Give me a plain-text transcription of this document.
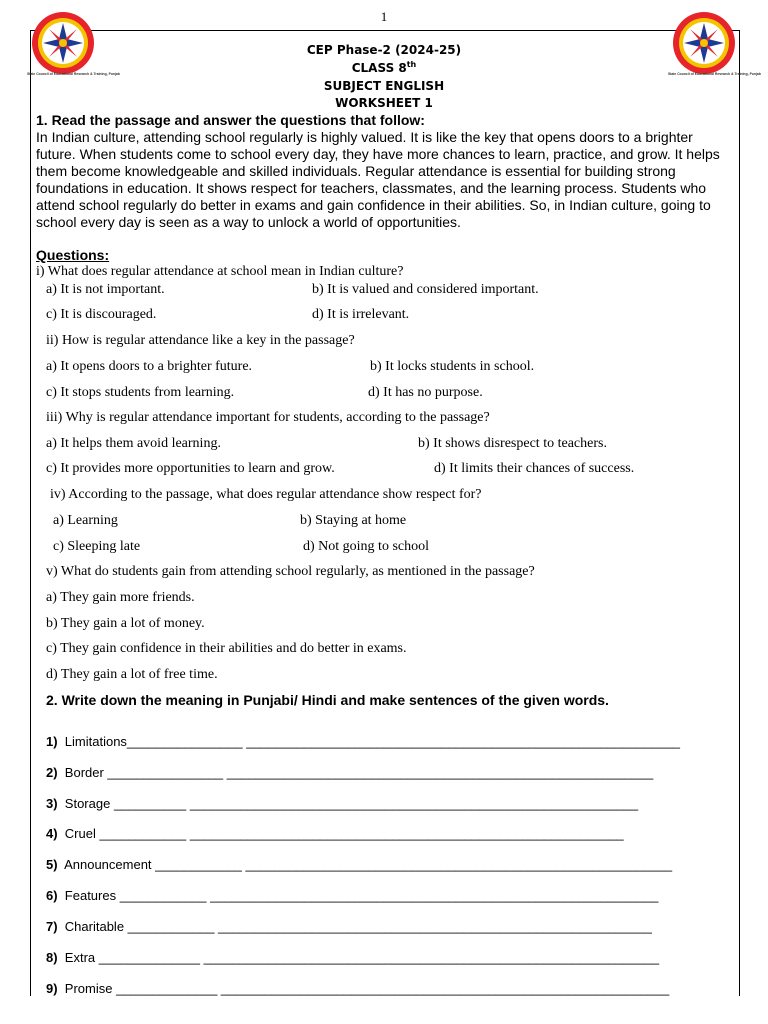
1
State Council of Educational Research & Training, Punjab	State Council of Educational Research & Training, Punjab
CEP Phase-2 (2024-25)
CLASS 8th
SUBJECT ENGLISH
WORKSHEET 1
1. Read the passage and answer the questions that follow:
In Indian culture, attending school regularly is highly valued. It is like the key that opens doors to a brighter future. When students come to school every day, they have more chances to learn, practice, and grow. It helps them become knowledgeable and skilled individuals. Regular attendance is essential for building strong foundations in education. It shows respect for teachers, classmates, and the learning process. Students who attend school regularly do better in exams and gain confidence in their abilities. So, in Indian culture, going to school every day is seen as a way to unlock a world of opportunities.
Questions:
i) What does regular attendance at school mean in Indian culture?
a) It is not important.	b) It is valued and considered important.
c) It is discouraged.	d) It is irrelevant.
ii) How is regular attendance like a key in the passage?
a) It opens doors to a brighter future.	b) It locks students in school.
c) It stops students from learning.	d) It has no purpose.
iii) Why is regular attendance important for students, according to the passage?
a) It helps them avoid learning.	b) It shows disrespect to teachers.
c) It provides more opportunities to learn and grow.	d) It limits their chances of success.
iv) According to the passage, what does regular attendance show respect for?
a) Learning	b) Staying at home
c) Sleeping late	d) Not going to school
v) What do students gain from attending school regularly, as mentioned in the passage?
a) They gain more friends.
b) They gain a lot of money.
c) They gain confidence in their abilities and do better in exams.
d) They gain a lot of free time.
2. Write down the meaning in Punjabi/ Hindi and make sentences of the given words.
1) Limitations________________ ____________________________________________________________
2) Border ________________ ___________________________________________________________
3) Storage __________ ______________________________________________________________
4) Cruel ____________ ____________________________________________________________
5) Announcement ____________ ___________________________________________________________
6) Features ____________ ______________________________________________________________
7) Charitable ____________ ____________________________________________________________
8) Extra ______________ _______________________________________________________________
9) Promise ______________ ______________________________________________________________
